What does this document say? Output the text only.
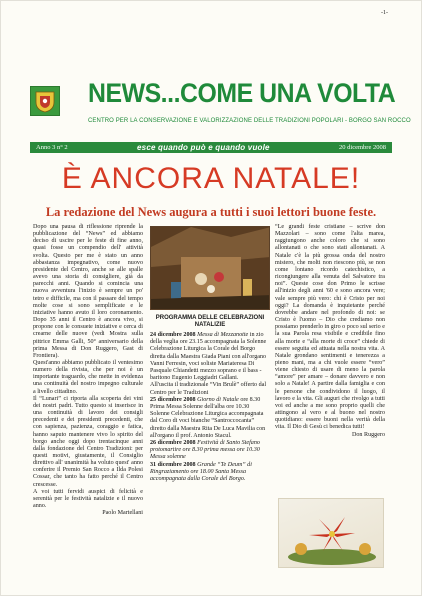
-1-
NEWS...COME UNA VOLTA
CENTRO PER LA CONSERVAZIONE E VALORIZZAZIONE DELLE TRADIZIONI POPOLARI - BORGO SAN ROCCO
Anno 3 n° 2	esce quando può e quando vuole	20 dicembre 2008
È ANCORA NATALE!
La redazione del News augura a tutti i suoi lettori buone feste.

Dopo una pausa di riflessione riprende la pubblicazione del “News” ed abbiamo deciso di uscire per le feste di fine anno, quasi fosse un compendio dell' attività svolta. Questo per me è stato un anno abbastanza impegnativo, come nuovo presidente del Centro, anche se alle spalle avevo una storia di consigliere, già da parecchi anni. Quando si comincia una nuova avventura l'inizio è sempre un po' tetro e difficile, ma con il passare del tempo molte cose si sono semplificate e le iniziative hanno avuto il loro coronamento. Dopo 35 anni il Centro è ancora vivo, si propone con le consuete iniziative e cerca di crearne delle nuove (vedi Mostra sulla pittrice Emma Galli, 50° anniversario della prima Messa di Don Ruggero, Gast di Frontiera).

Quest'anno abbiamo pubblicato il ventesimo numero della rivista, che per noi è un importante traguardo, che mette in evidenza una continuità del nostro impegno culturale a livello cittadino.

Il “Lunari” ci riporta alla scoperta dei vini dei nostri padri. Tutto questo si inserisce in una continuità di lavoro dei consigli precedenti e dei presidenti precedenti, che con sapienza, pazienza, coraggio e fatica, hanno saputo mantenere vivo lo spirito del borgo anche oggi dopo trentacinque anni dalla fondazione del Centro Tradizioni: per questi motivi, giustamente, il Consiglio direttivo all' unanimità ha voluto quest' anno conferire il Premio San Rocco a Ilda Polesi Cossar, che tanto ha fatto perché il Centro crescesse.

A voi tutti fervidi auspici di felicità e serenità per le festività natalizie e il nuovo anno.

Paolo Martellani

PROGRAMMA DELLE CELEBRAZIONI NATALIZIE
24 dicembre 2008 Messa di Mezzanotte in zio della veglia ore 23.15 accompagnata la Solenne Celebrazione Liturgica la Corale del Borgo diretta dalla Maestra Giada Piani con all'organo Vanni Ferresin, voci soliste Mariateresa Di Pasquale Chiandetti mezzo soprano e il bass - baritono Eugenio Leggiadri Gallani.
All'uscita il tradizionale “Vin Brulè” offerto dal Centro per le Tradizioni
25 dicembre 2008 Giorno di Natale ore 8.30 Prima Messa Solenne dell'alba ore 10.30 Solenne Celebrazione Liturgica accompagnata dal Coro di voci bianche “Santroccocanta” diretto dalla Maestra Rita De Luca Mavilia con all'organo il prof. Antonio Stacul.
26 dicembre 2008 Festività di Santo Stefano protomartire ore 8.30 prima messa ore 10.30 Messa solenne
31 dicembre 2008 Grande “Te Deum” di Ringraziamento ore 18.00 Santa Messa accompagnata dalla Corale del Borgo.

“Le grandi feste cristiane – scrive don Mazzolari – sono come l'alta marea, raggiungono anche coloro che si sono allontanati o che sono stati allontanati. A Natale c'è la più grossa onda del nostro mistero, che molti non riescono più, se non come lontano ricordo catechistico, a ricongiungere alla venuta del Salvatore tra noi”. Queste cose don Primo le scrisse all'inizio degli anni '60 e sono ancora vere; vale sempre più vero: chi è Cristo per noi oggi? La domanda è inquietante perché dovrebbe andare nel profondo di noi: se Cristo è l'uomo – Dio che crediamo non possiamo prenderlo in giro o poco sul serio e la sua Parola resa visibile e credibile fino alla morte e “alla morte di croce” chiede di essere seguita ed attuata nella nostra vita. A Natale grondano sentimenti e tenerezza a pieno mani, ma a chi vuole essere “vero” viene chiesto di usare di meno la parola “amore” per amare – donare davvero e non solo a Natale! A partire dalla famiglia e con le persone che condividono il luogo, il lavoro e la vita. Gli auguri che rivolgo a tutti voi ed anche a me sono proprio quelli che attingono al vero e al buono nel nostro quotidiano: essere buoni nella verità della vita. Il Dio di Gesù ci benedica tutti!

Don Ruggero
